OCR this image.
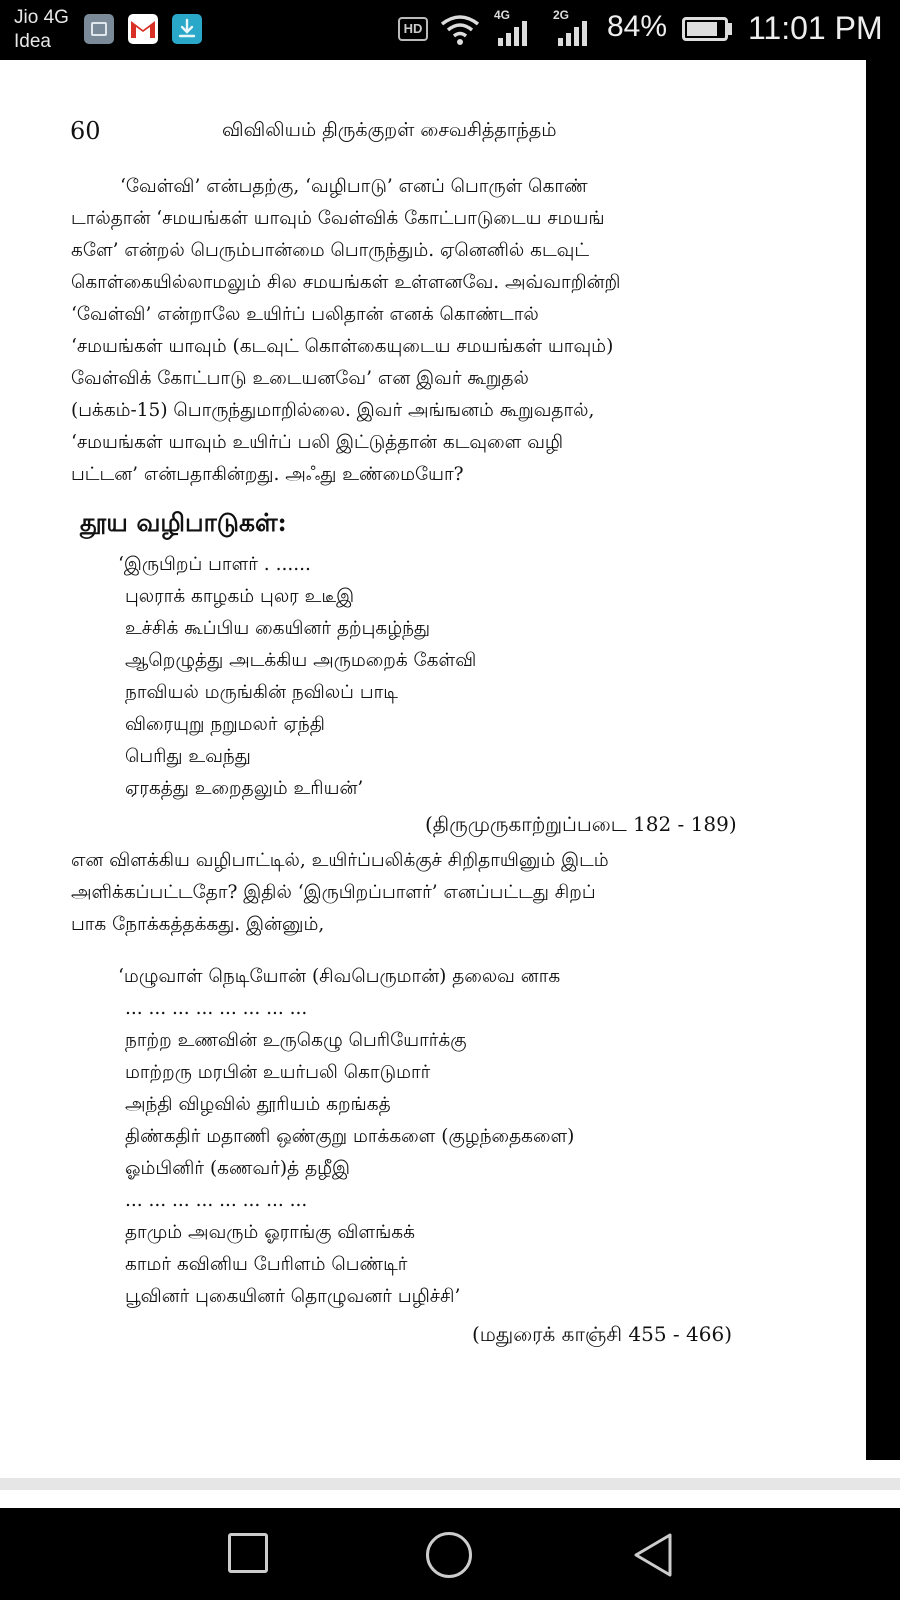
Jio 4G
Idea
HD
4G	2G 84%	11:01 PM
60	விவிலியம் திருக்குறள் சைவசித்தாந்தம்
‘வேள்வி’ என்பதற்கு, ‘வழிபாடு’ எனப் பொருள் கொண்
டால்தான் ‘சமயங்கள் யாவும் வேள்விக் கோட்பாடுடைய சமயங்
களே’ என்றல் பெரும்பான்மை பொருந்தும். ஏனெனில் கடவுட்
கொள்கையில்லாமலும் சில சமயங்கள் உள்ளனவே. அவ்வாறின்றி
‘வேள்வி’ என்றாலே உயிர்ப் பலிதான் எனக் கொண்டால்
‘சமயங்கள் யாவும் (கடவுட் கொள்கையுடைய சமயங்கள் யாவும்)
வேள்விக் கோட்பாடு உடையனவே’ என இவர் கூறுதல்
(பக்கம்-15) பொருந்துமாறில்லை. இவர் அங்ஙனம் கூறுவதால்,
‘சமயங்கள் யாவும் உயிர்ப் பலி இட்டுத்தான் கடவுளை வழி
பட்டன’ என்பதாகின்றது. அஃது உண்மையோ?
தூய வழிபாடுகள்:
‘இருபிறப் பாளர் . ......
புலராக் காழகம் புலர உடீஇ
உச்சிக் கூப்பிய கையினர் தற்புகழ்ந்து
ஆறெழுத்து அடக்கிய அருமறைக் கேள்வி
நாவியல் மருங்கின் நவிலப் பாடி
விரையுறு நறுமலர் ஏந்தி
பெரிது உவந்து
ஏரகத்து உறைதலும் உரியன்’
(திருமுருகாற்றுப்படை 182 - 189)
என விளக்கிய வழிபாட்டில், உயிர்ப்பலிக்குச் சிறிதாயினும் இடம்
அளிக்கப்பட்டதோ? இதில் ‘இருபிறப்பாளர்’ எனப்பட்டது சிறப்
பாக நோக்கத்தக்கது. இன்னும்,
‘மழுவாள் நெடியோன் (சிவபெருமான்) தலைவ னாக
... ... ... ... ... ... ... ...
நாற்ற உணவின் உருகெழு பெரியோர்க்கு
மாற்றரு மரபின் உயர்பலி கொடுமார்
அந்தி விழவில் தூரியம் கறங்கத்
திண்கதிர் மதாணி ஒண்குறு மாக்களை (குழந்தைகளை)
ஓம்பினிர் (கணவர்)த் தழீஇ
... ... ... ... ... ... ... ...
தாமும் அவரும் ஓராங்கு விளங்கக்
காமர் கவினிய பேரிளம் பெண்டிர்
பூவினர் புகையினர் தொழுவனர் பழிச்சி’
(மதுரைக் காஞ்சி 455 - 466)
